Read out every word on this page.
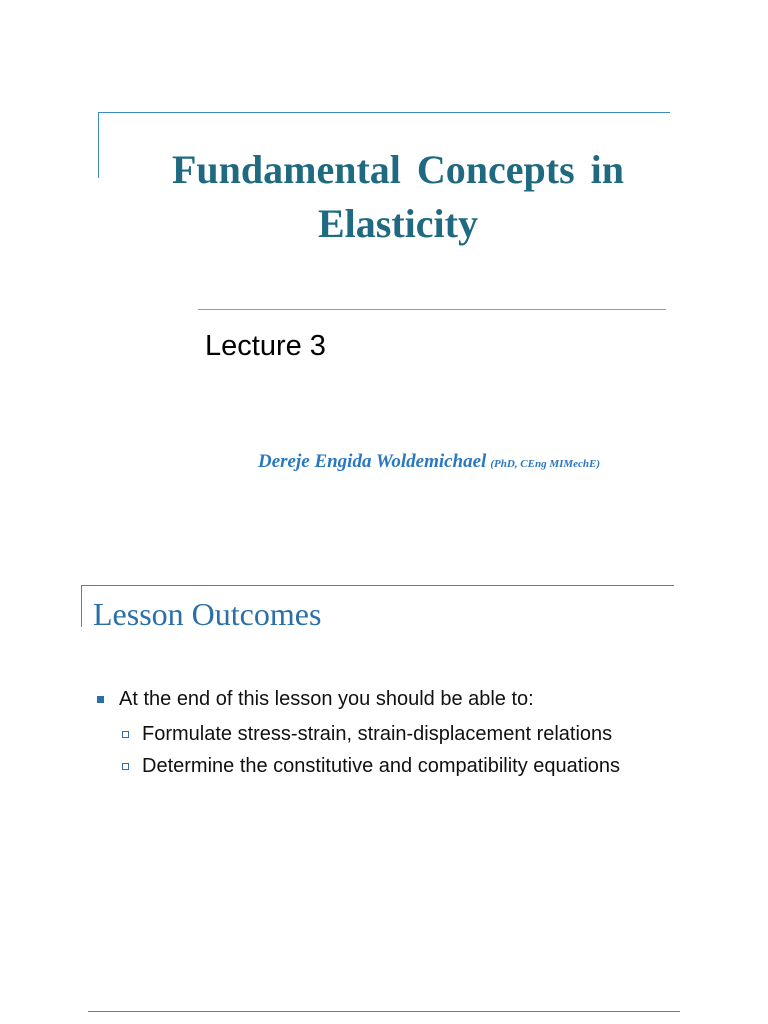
Fundamental Concepts in
Elasticity
Lecture 3
Dereje Engida Woldemichael (PhD, CEng MIMechE)
Lesson Outcomes
At the end of this lesson you should be able to:
Formulate stress-strain, strain-displacement relations
Determine the constitutive and compatibility equations
